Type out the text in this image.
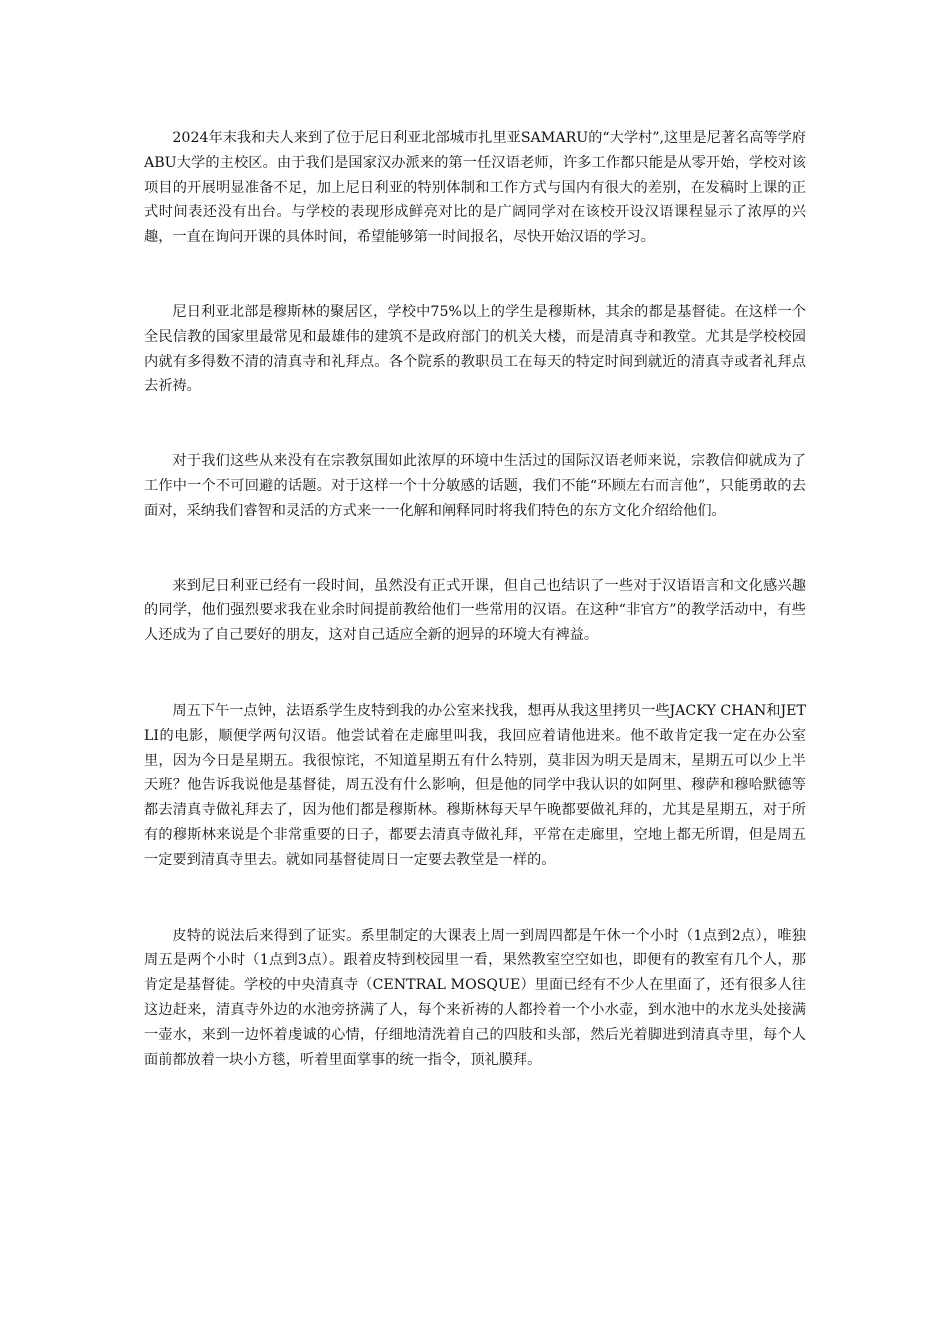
2024年末我和夫人来到了位于尼日利亚北部城市扎里亚SAMARU的“大学村”,这里是尼著名高等学府ABU大学的主校区。由于我们是国家汉办派来的第一任汉语老师，许多工作都只能是从零开始，学校对该项目的开展明显准备不足，加上尼日利亚的特别体制和工作方式与国内有很大的差别，在发稿时上课的正式时间表还没有出台。与学校的表现形成鲜亮对比的是广阔同学对在该校开设汉语课程显示了浓厚的兴趣，一直在询问开课的具体时间，希望能够第一时间报名，尽快开始汉语的学习。

尼日利亚北部是穆斯林的聚居区，学校中75%以上的学生是穆斯林，其余的都是基督徒。在这样一个全民信教的国家里最常见和最雄伟的建筑不是政府部门的机关大楼，而是清真寺和教堂。尤其是学校校园内就有多得数不清的清真寺和礼拜点。各个院系的教职员工在每天的特定时间到就近的清真寺或者礼拜点去祈祷。

对于我们这些从来没有在宗教氛围如此浓厚的环境中生活过的国际汉语老师来说，宗教信仰就成为了工作中一个不可回避的话题。对于这样一个十分敏感的话题，我们不能“环顾左右而言他”，只能勇敢的去面对，采纳我们睿智和灵活的方式来一一化解和阐释同时将我们特色的东方文化介绍给他们。

来到尼日利亚已经有一段时间，虽然没有正式开课，但自己也结识了一些对于汉语语言和文化感兴趣的同学，他们强烈要求我在业余时间提前教给他们一些常用的汉语。在这种“非官方”的教学活动中，有些人还成为了自己要好的朋友，这对自己适应全新的迥异的环境大有裨益。

周五下午一点钟，法语系学生皮特到我的办公室来找我，想再从我这里拷贝一些JACKY CHAN和JET LI的电影，顺便学两句汉语。他尝试着在走廊里叫我，我回应着请他进来。他不敢肯定我一定在办公室里，因为今日是星期五。我很惊诧，不知道星期五有什么特别，莫非因为明天是周末，星期五可以少上半天班？他告诉我说他是基督徒，周五没有什么影响，但是他的同学中我认识的如阿里、穆萨和穆哈默德等都去清真寺做礼拜去了，因为他们都是穆斯林。穆斯林每天早午晚都要做礼拜的，尤其是星期五，对于所有的穆斯林来说是个非常重要的日子，都要去清真寺做礼拜，平常在走廊里，空地上都无所谓，但是周五一定要到清真寺里去。就如同基督徒周日一定要去教堂是一样的。

皮特的说法后来得到了证实。系里制定的大课表上周一到周四都是午休一个小时（1点到2点），唯独周五是两个小时（1点到3点）。跟着皮特到校园里一看，果然教室空空如也，即便有的教室有几个人，那肯定是基督徒。学校的中央清真寺（CENTRAL MOSQUE）里面已经有不少人在里面了，还有很多人往这边赶来，清真寺外边的水池旁挤满了人，每个来祈祷的人都拎着一个小水壶，到水池中的水龙头处接满一壶水，来到一边怀着虔诚的心情，仔细地清洗着自己的四肢和头部，然后光着脚进到清真寺里，每个人面前都放着一块小方毯，听着里面掌事的统一指令，顶礼膜拜。
